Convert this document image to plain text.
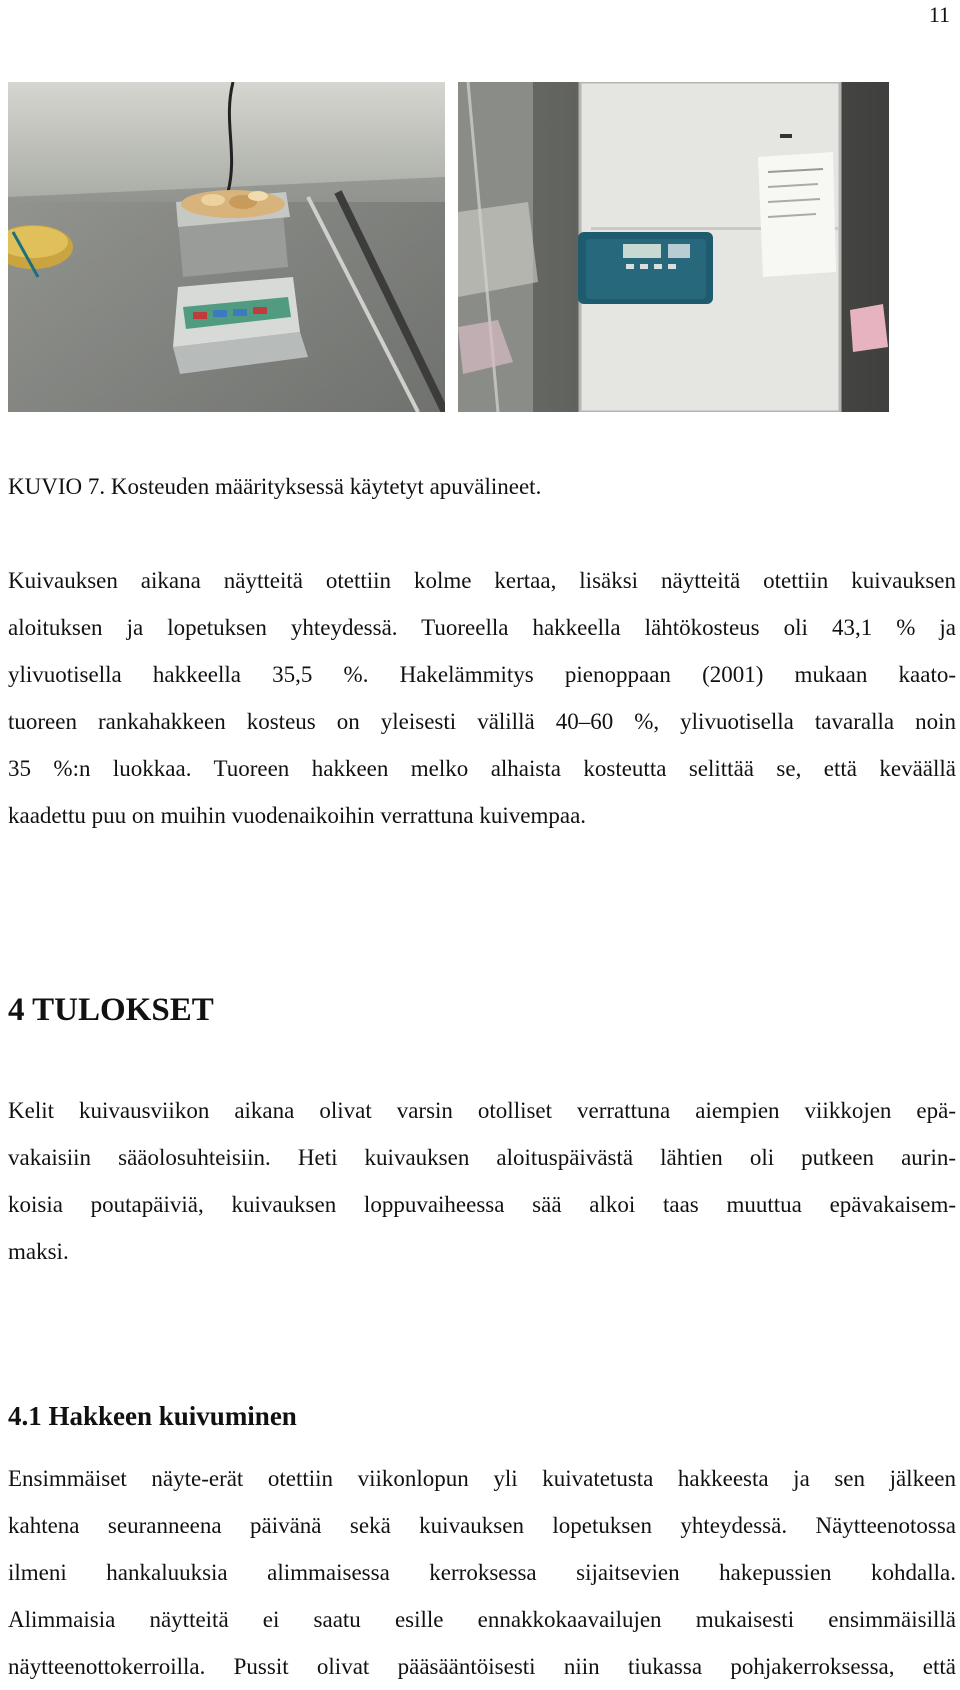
11
KUVIO 7. Kosteuden määrityksessä käytetyt apuvälineet.
Kuivauksen aikana näytteitä otettiin kolme kertaa, lisäksi näytteitä otettiin kuivauksen
aloituksen ja lopetuksen yhteydessä. Tuoreella hakkeella lähtökosteus oli 43,1 % ja
ylivuotisella hakkeella 35,5 %. Hakelämmitys pienoppaan (2001) mukaan kaato-
tuoreen rankahakkeen kosteus on yleisesti välillä 40–60 %, ylivuotisella tavaralla noin
35 %:n luokkaa. Tuoreen hakkeen melko alhaista kosteutta selittää se, että keväällä
kaadettu puu on muihin vuodenaikoihin verrattuna kuivempaa.
4 TULOKSET
Kelit kuivausviikon aikana olivat varsin otolliset verrattuna aiempien viikkojen epä-
vakaisiin sääolosuhteisiin. Heti kuivauksen aloituspäivästä lähtien oli putkeen aurin-
koisia poutapäiviä, kuivauksen loppuvaiheessa sää alkoi taas muuttua epävakaisem-
maksi.
4.1 Hakkeen kuivuminen
Ensimmäiset näyte-erät otettiin viikonlopun yli kuivatetusta hakkeesta ja sen jälkeen
kahtena seuranneena päivänä sekä kuivauksen lopetuksen yhteydessä. Näytteenotossa
ilmeni hankaluuksia alimmaisessa kerroksessa sijaitsevien hakepussien kohdalla.
Alimmaisia näytteitä ei saatu esille ennakkokaavailujen mukaisesti ensimmäisillä
näytteenottokerroilla. Pussit olivat pääsääntöisesti niin tiukassa pohjakerroksessa, että
